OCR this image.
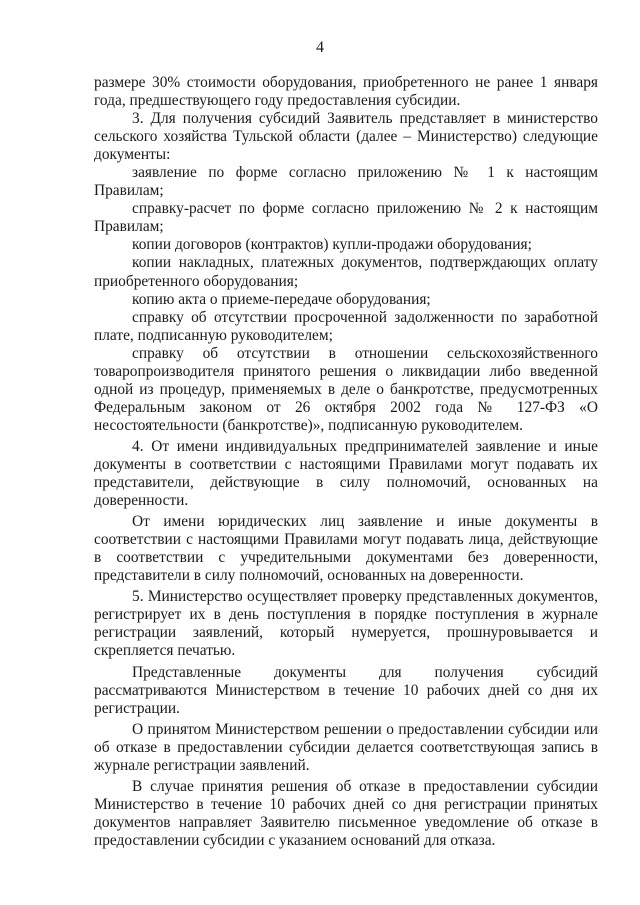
4

размере 30% стоимости оборудования, приобретенного не ранее 1 января года, предшествующего году предоставления субсидии.

3. Для получения субсидий Заявитель представляет в министерство сельского хозяйства Тульской области (далее – Министерство) следующие документы:

заявление по форме согласно приложению № 1 к настоящим Правилам;

справку-расчет по форме согласно приложению № 2 к настоящим Правилам;

копии договоров (контрактов) купли-продажи оборудования;

копии накладных, платежных документов, подтверждающих оплату приобретенного оборудования;

копию акта о приеме-передаче оборудования;

справку об отсутствии просроченной задолженности по заработной плате, подписанную руководителем;

справку об отсутствии в отношении сельскохозяйственного товаропроизводителя принятого решения о ликвидации либо введенной одной из процедур, применяемых в деле о банкротстве, предусмотренных Федеральным законом от 26 октября 2002 года № 127-ФЗ «О несостоятельности (банкротстве)», подписанную руководителем.

4. От имени индивидуальных предпринимателей заявление и иные документы в соответствии с настоящими Правилами могут подавать их представители, действующие в силу полномочий, основанных на доверенности.

От имени юридических лиц заявление и иные документы в соответствии с настоящими Правилами могут подавать лица, действующие в соответствии с учредительными документами без доверенности, представители в силу полномочий, основанных на доверенности.

5. Министерство осуществляет проверку представленных документов, регистрирует их в день поступления в порядке поступления в журнале регистрации заявлений, который нумеруется, прошнуровывается и скрепляется печатью.

Представленные документы для получения субсидий рассматриваются Министерством в течение 10 рабочих дней со дня их регистрации.

О принятом Министерством решении о предоставлении субсидии или об отказе в предоставлении субсидии делается соответствующая запись в журнале регистрации заявлений.

В случае принятия решения об отказе в предоставлении субсидии Министерство в течение 10 рабочих дней со дня регистрации принятых документов направляет Заявителю письменное уведомление об отказе в предоставлении субсидии с указанием оснований для отказа.
